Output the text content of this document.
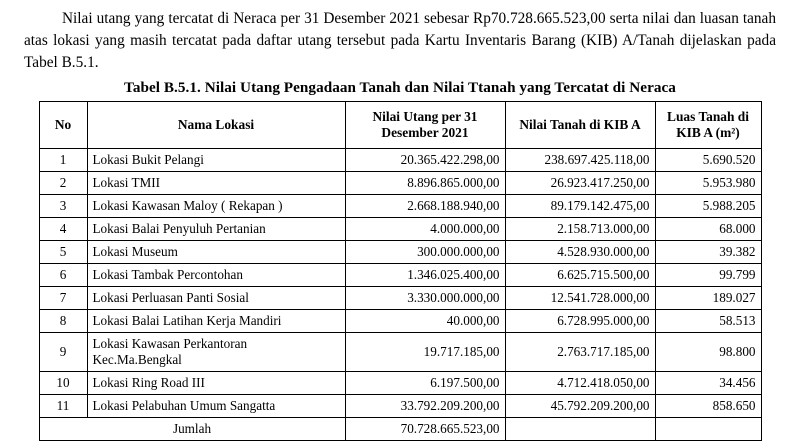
Nilai utang yang tercatat di Neraca per 31 Desember 2021 sebesar Rp70.728.665.523,00 serta nilai dan luasan tanah atas lokasi yang masih tercatat pada daftar utang tersebut pada Kartu Inventaris Barang (KIB) A/Tanah dijelaskan pada Tabel B.5.1.

Tabel B.5.1. Nilai Utang Pengadaan Tanah dan Nilai Ttanah yang Tercatat di Neraca
No	Nama Lokasi	Nilai Utang per 31 Desember 2021	Nilai Tanah di KIB A	Luas Tanah di KIB A (m²)
1	Lokasi Bukit Pelangi	20.365.422.298,00	238.697.425.118,00	5.690.520
2	Lokasi TMII	8.896.865.000,00	26.923.417.250,00	5.953.980
3	Lokasi Kawasan Maloy ( Rekapan )	2.668.188.940,00	89.179.142.475,00	5.988.205
4	Lokasi Balai Penyuluh Pertanian	4.000.000,00	2.158.713.000,00	68.000
5	Lokasi Museum	300.000.000,00	4.528.930.000,00	39.382
6	Lokasi Tambak Percontohan	1.346.025.400,00	6.625.715.500,00	99.799
7	Lokasi Perluasan Panti Sosial	3.330.000.000,00	12.541.728.000,00	189.027
8	Lokasi Balai Latihan Kerja Mandiri	40.000,00	6.728.995.000,00	58.513
9	Lokasi Kawasan Perkantoran Kec.Ma.Bengkal	19.717.185,00	2.763.717.185,00	98.800
10	Lokasi Ring Road III	6.197.500,00	4.712.418.050,00	34.456
11	Lokasi Pelabuhan Umum Sangatta	33.792.209.200,00	45.792.209.200,00	858.650
Jumlah		70.728.665.523,00		
